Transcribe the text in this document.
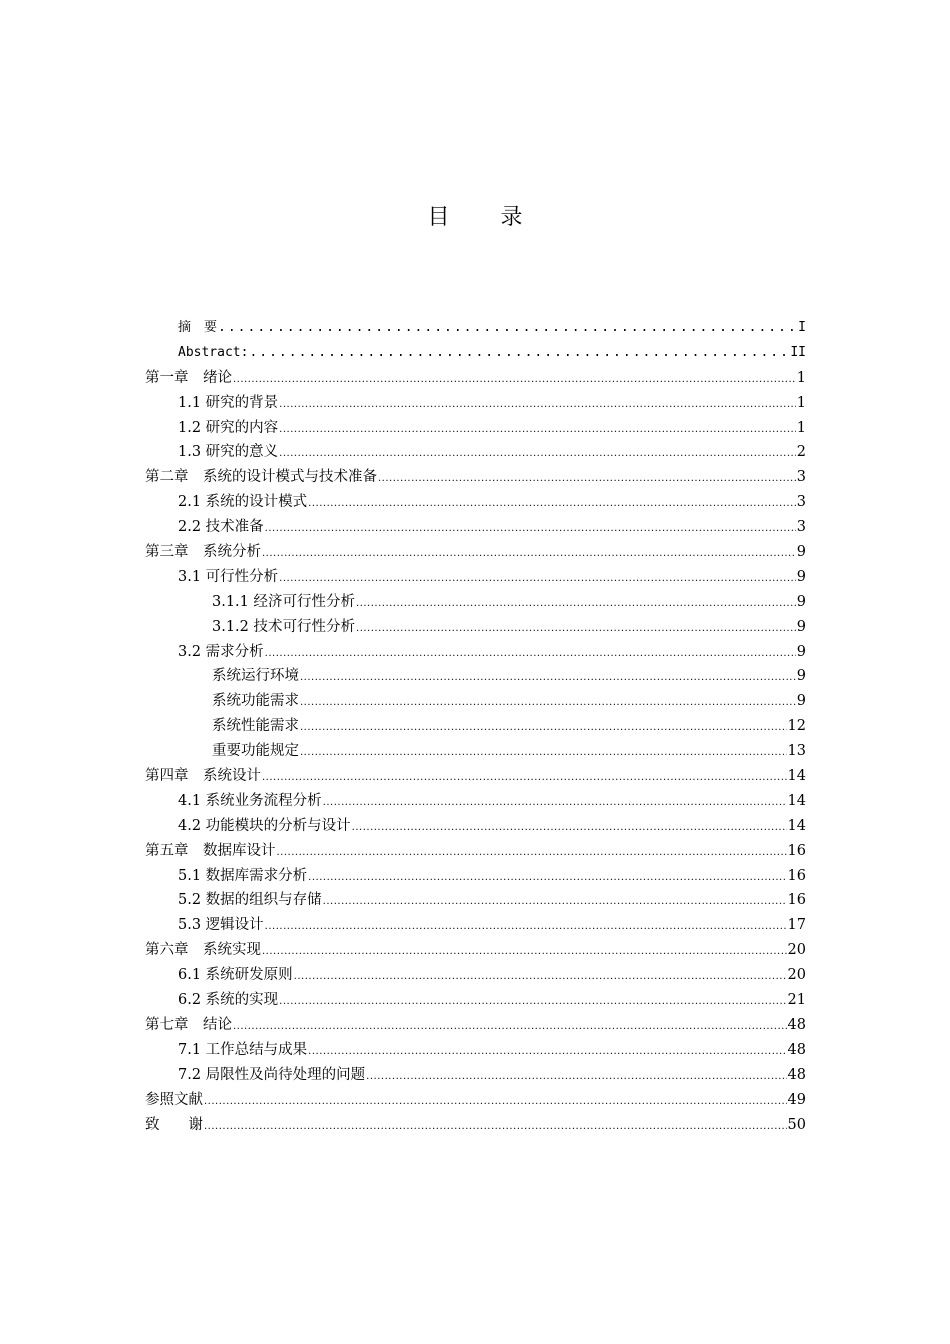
目 录
摘　要 .....	I
Abstract: .....	II
第一章　绪论 .....	1
1.1 研究的背景 .....	1
1.2 研究的内容 .....	1
1.3 研究的意义 .....	2
第二章　系统的设计模式与技术准备 .....	3
2.1 系统的设计模式 .....	3
2.2 技术准备 .....	3
第三章　系统分析 .....	9
3.1 可行性分析 .....	9
3.1.1 经济可行性分析 .....	9
3.1.2 技术可行性分析 .....	9
3.2 需求分析 .....	9
系统运行环境 .....	9
系统功能需求 .....	9
系统性能需求 .....	12
重要功能规定 .....	13
第四章　系统设计 .....	14
4.1 系统业务流程分析 .....	14
4.2 功能模块的分析与设计 .....	14
第五章　数据库设计 .....	16
5.1 数据库需求分析 .....	16
5.2 数据的组织与存储 .....	16
5.3 逻辑设计 .....	17
第六章　系统实现 .....	20
6.1 系统研发原则 .....	20
6.2 系统的实现 .....	21
第七章　结论 .....	48
7.1 工作总结与成果 .....	48
7.2 局限性及尚待处理的问题 .....	48
参照文献 .....	49
致　　谢 .....	50
